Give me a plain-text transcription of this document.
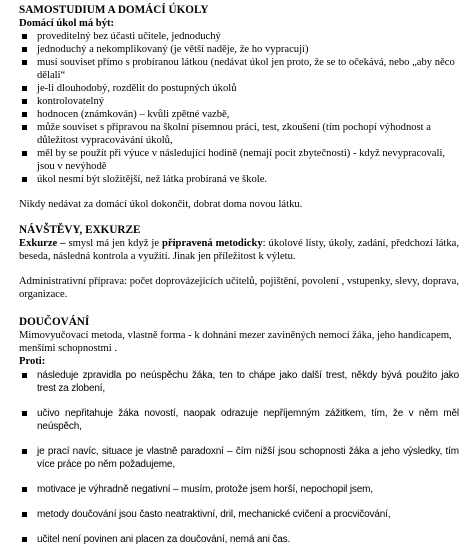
SAMOSTUDIUM A DOMÁCÍ ÚKOLY
Domácí úkol má být:

proveditelný bez účasti učitele, jednoduchý

jednoduchý a nekomplikovaný (je větší naděje, že ho vypracují)

musí souviset přímo s probíranou látkou (nedávat úkol jen proto, že se to očekává, nebo „aby něco dělali“

je-li dlouhodobý, rozdělit do postupných úkolů

kontrolovatelný

hodnocen (známkován) – kvůli zpětné vazbě,

může souviset s přípravou na školní písemnou práci, test, zkoušení (tím pochopí výhodnost a důležitost vypracovávání úkolů,

měl by se použít při výuce v následující hodině (nemají pocit zbytečnosti) - když nevypracovali, jsou v nevýhodě

úkol nesmí být složitější, než látka probíraná ve škole.

Nikdy nedávat za domácí úkol dokončit, dobrat doma novou látku.
NÁVŠTĚVY, EXKURZE
Exkurze – smysl má jen když je připravená metodicky: úkolové listy, úkoly, zadání, předchozí látka, beseda, následná kontrola a využití. Jinak jen příležitost k výletu.
Administrativní příprava: počet doprovázejících učitelů, pojištění, povolení , vstupenky, slevy, doprava, organizace.
DOUČOVÁNÍ
Mimovyučovací metoda, vlastně forma - k dohnání mezer zaviněných nemocí žáka, jeho handicapem, menšími schopnostmi .
Proti:

následuje zpravidla po neúspěchu žáka, ten to chápe jako další trest, někdy bývá použito jako trest za zlobení,

učivo nepřitahuje žáka novostí, naopak odrazuje nepříjemným zážitkem, tím, že v něm měl neúspěch,

je prací navíc, situace je vlastně paradoxní – čím nižší jsou schopnosti žáka a jeho výsledky, tím více práce po něm požadujeme,

motivace je výhradně negativní – musím, protože jsem horší, nepochopil jsem,

metody doučování jsou často neatraktivní, dril, mechanické cvičení a procvičování,

učitel není povinen ani placen za doučování, nemá ani čas.
